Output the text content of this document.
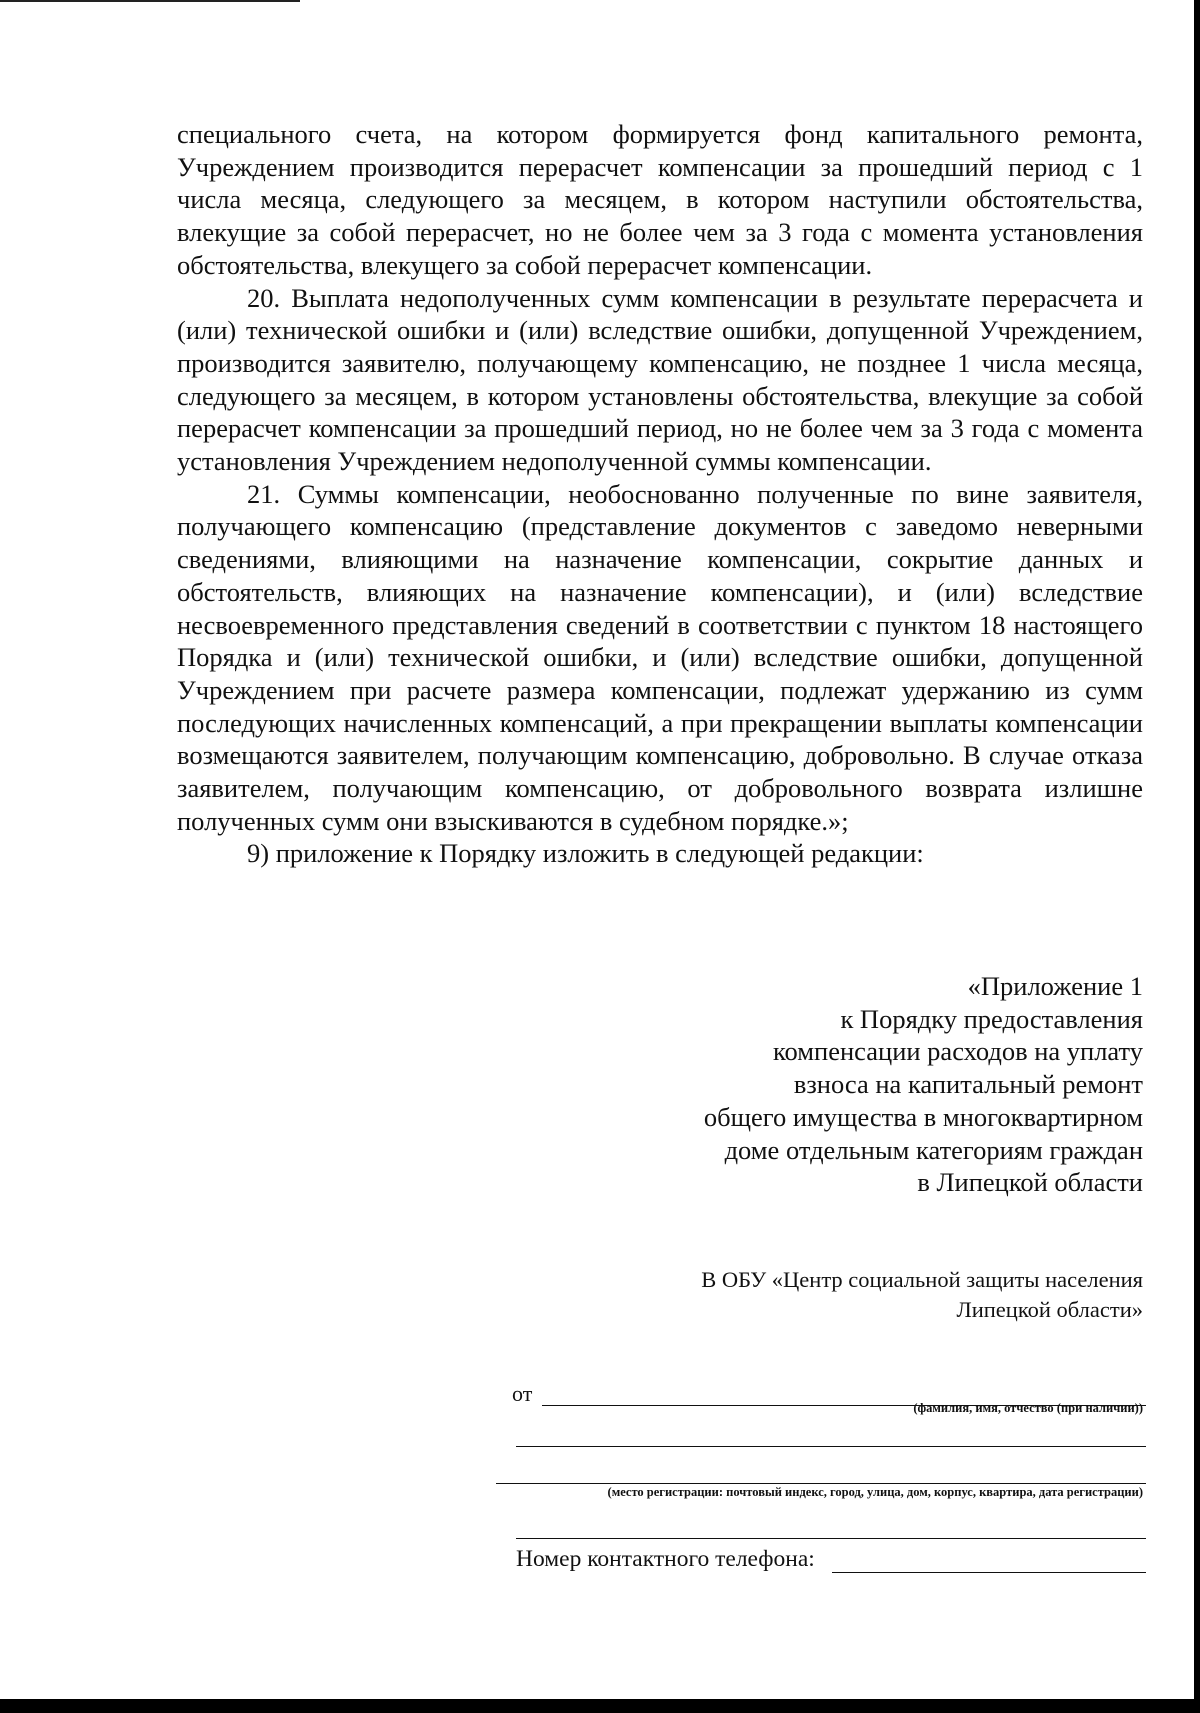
специального счета, на котором формируется фонд капитального ремонта, Учреждением производится перерасчет компенсации за прошедший период с 1 числа месяца, следующего за месяцем, в котором наступили обстоятельства, влекущие за собой перерасчет, но не более чем за 3 года с момента установления обстоятельства, влекущего за собой перерасчет компенсации.

20. Выплата недополученных сумм компенсации в результате перерасчета и (или) технической ошибки и (или) вследствие ошибки, допущенной Учреждением, производится заявителю, получающему компенсацию, не позднее 1 числа месяца, следующего за месяцем, в котором установлены обстоятельства, влекущие за собой перерасчет компенсации за прошедший период, но не более чем за 3 года с момента установления Учреждением недополученной суммы компенсации.

21. Суммы компенсации, необоснованно полученные по вине заявителя, получающего компенсацию (представление документов с заведомо неверными сведениями, влияющими на назначение компенсации, сокрытие данных и обстоятельств, влияющих на назначение компенсации), и (или) вследствие несвоевременного представления сведений в соответствии с пунктом 18 настоящего Порядка и (или) технической ошибки, и (или) вследствие ошибки, допущенной Учреждением при расчете размера компенсации, подлежат удержанию из сумм последующих начисленных компенсаций, а при прекращении выплаты компенсации возмещаются заявителем, получающим компенсацию, добровольно. В случае отказа заявителем, получающим компенсацию, от добровольного возврата излишне полученных сумм они взыскиваются в судебном порядке.»;

9) приложение к Порядку изложить в следующей редакции:

«Приложение 1
к Порядку предоставления
компенсации расходов на уплату
взноса на капитальный ремонт
общего имущества в многоквартирном
доме отдельным категориям граждан
в Липецкой области
В ОБУ «Центр социальной защиты населения
Липецкой области»
от
(фамилия, имя, отчество (при наличии))
(место регистрации: почтовый индекс, город, улица, дом, корпус, квартира, дата регистрации)
Номер контактного телефона:
